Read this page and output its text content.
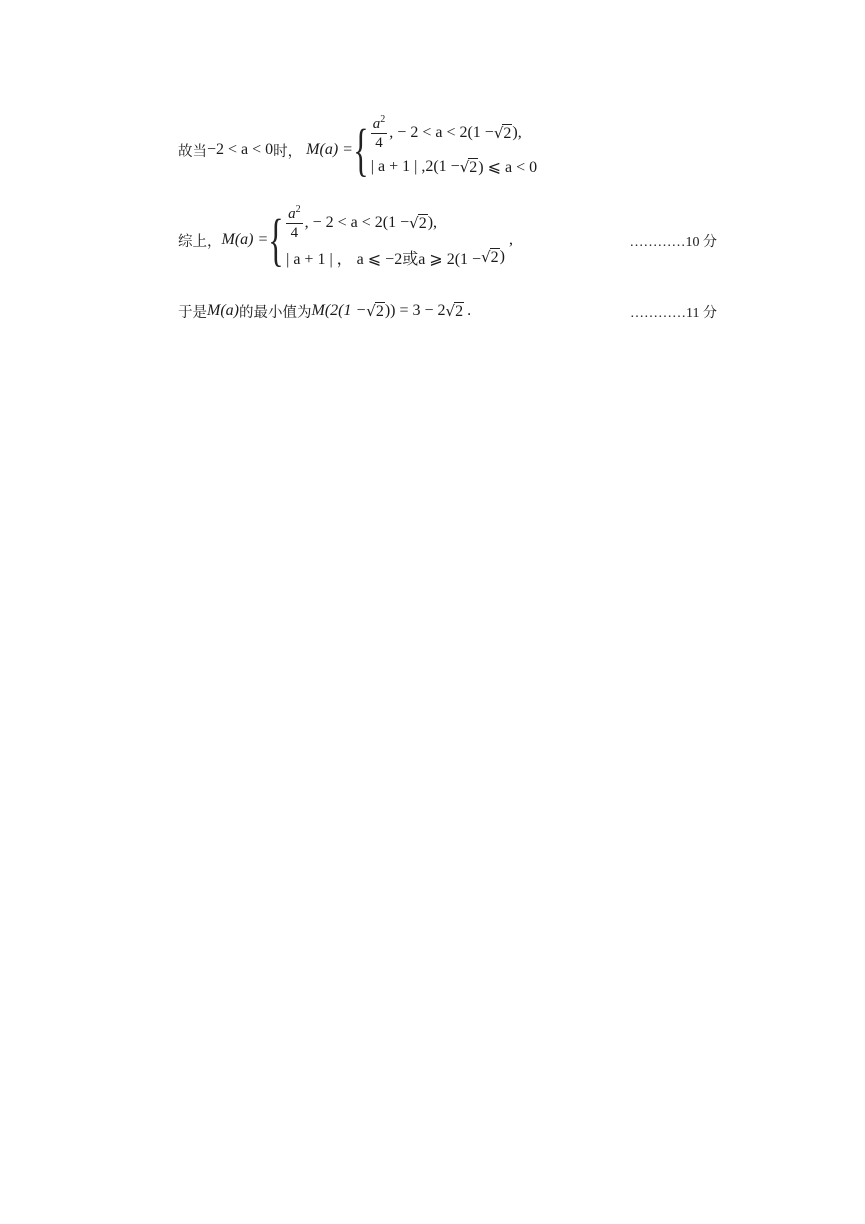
故当 −2 < a < 0 时， M(a) = { $\frac{a^2}{4}$ , − 2 < a < 2(1 − √ 2 ),
| a + 1 | ,2(1 − √ 2 ) ⩽ a < 0
综上， M(a) = { $\frac{a^2}{4}$ , − 2 < a < 2(1 − √ 2 ),
| a + 1 | ， a ⩽ −2或a ⩾ 2(1 − √ 2 )
,	…………10 分
于是 M(a) 的最小值为 M(2(1 − √ 2 )) = 3 − 2 √ 2 .	…………11 分
